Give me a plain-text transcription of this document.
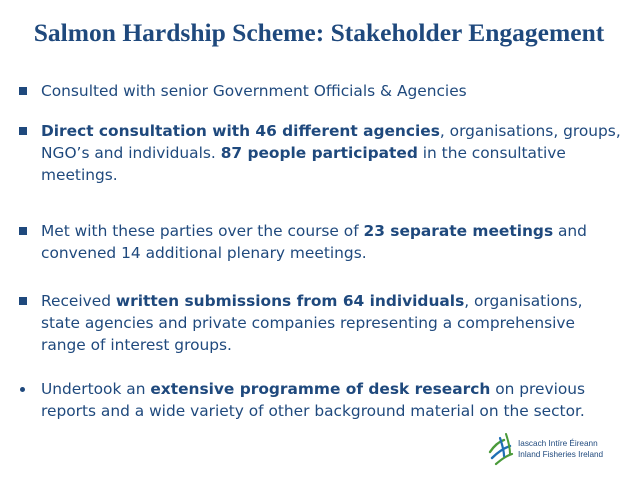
Salmon Hardship Scheme: Stakeholder Engagement
Consulted with senior Government Officials & Agencies
Direct consultation with 46 different agencies, organisations, groups,
NGO’s and individuals. 87 people participated in the consultative
meetings.
Met with these parties over the course of 23 separate meetings and
convened 14 additional plenary meetings.
Received written submissions from 64 individuals, organisations,
state agencies and private companies representing a comprehensive
range of interest groups.
Undertook an extensive programme of desk research on previous
reports and a wide variety of other background material on the sector.
Iascach Intíre Éireann
Inland Fisheries Ireland
